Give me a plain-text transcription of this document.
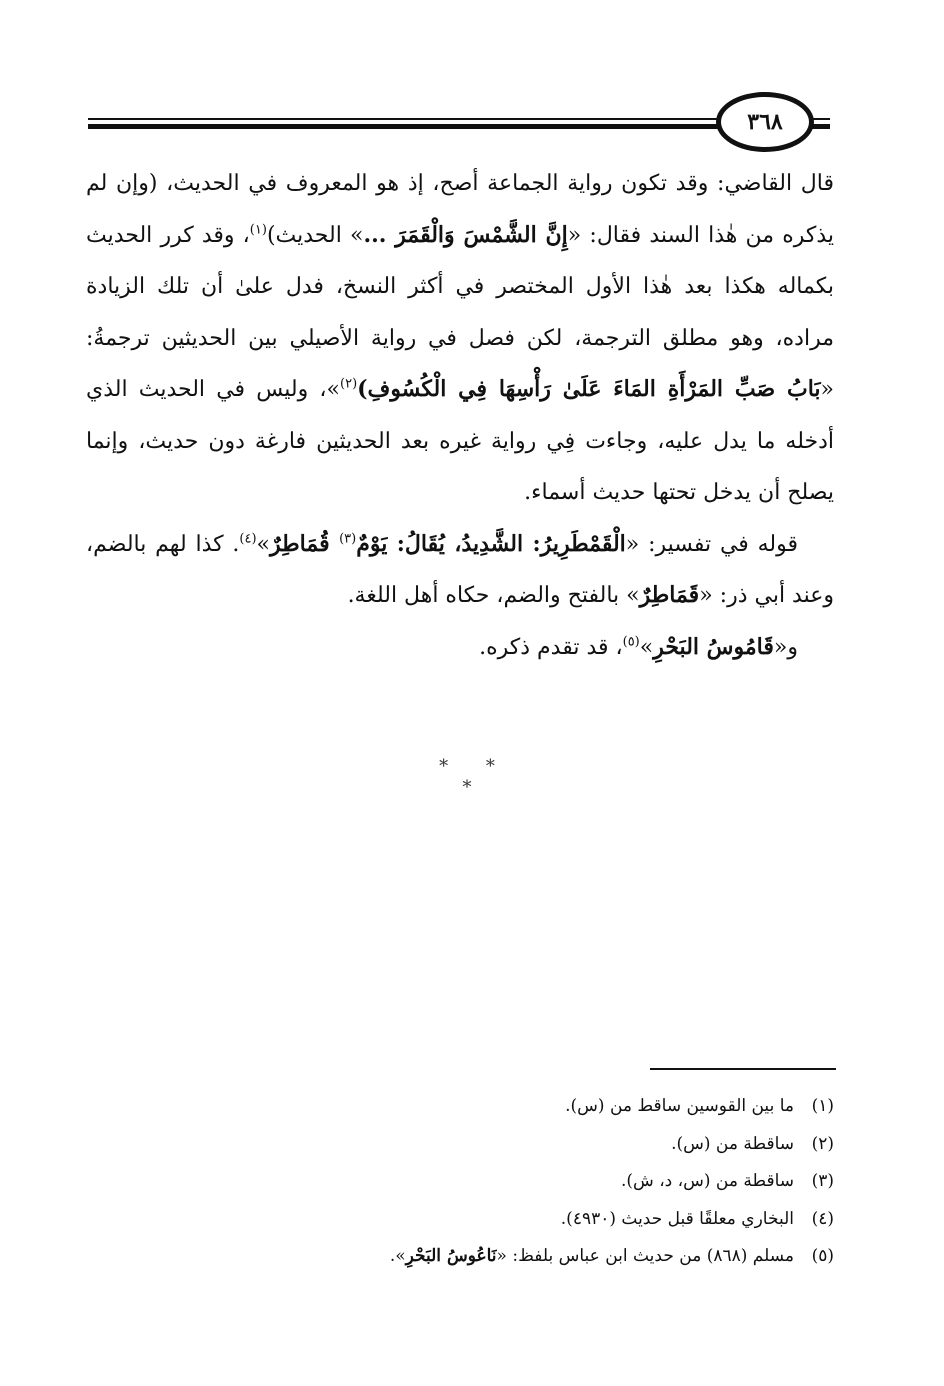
٣٦٨

قال القاضي: وقد تكون رواية الجماعة أصح، إذ هو المعروف في الحديث، (وإن لم يذكره من هٰذا السند فقال: «إِنَّ الشَّمْسَ وَالْقَمَرَ ...» الحديث)$^{(١)}$، وقد كرر الحديث بكماله هكذا بعد هٰذا الأول المختصر في أكثر النسخ، فدل علىٰ أن تلك الزيادة مراده، وهو مطلق الترجمة، لكن فصل في رواية الأصيلي بين الحديثين ترجمةُ: «بَابُ صَبِّ المَرْأَةِ المَاءَ عَلَىٰ رَأْسِهَا فِي الْكُسُوفِ)$^{(٢)}$»، وليس في الحديث الذي أدخله ما يدل عليه، وجاءت فِي رواية غيره بعد الحديثين فارغة دون حديث، وإنما يصلح أن يدخل تحتها حديث أسماء.

قوله في تفسير: «الْقَمْطَرِيرُ: الشَّدِيدُ، يُقَالُ: يَوْمٌ$^{(٣)}$ قُمَاطِرٌ»$^{(٤)}$. كذا لهم بالضم، وعند أبي ذر: «قَمَاطِرٌ» بالفتح والضم، حكاه أهل اللغة.

و«قَامُوسُ البَحْرِ»$^{(٥)}$، قد تقدم ذكره.

* * *
(١)ما بين القوسين ساقط من (س).
(٢)ساقطة من (س).
(٣)ساقطة من (س، د، ش).
(٤)البخاري معلقًا قبل حديث (٤٩٣٠).
(٥)مسلم (٨٦٨) من حديث ابن عباس بلفظ: «نَاعُوسُ البَحْرِ».
